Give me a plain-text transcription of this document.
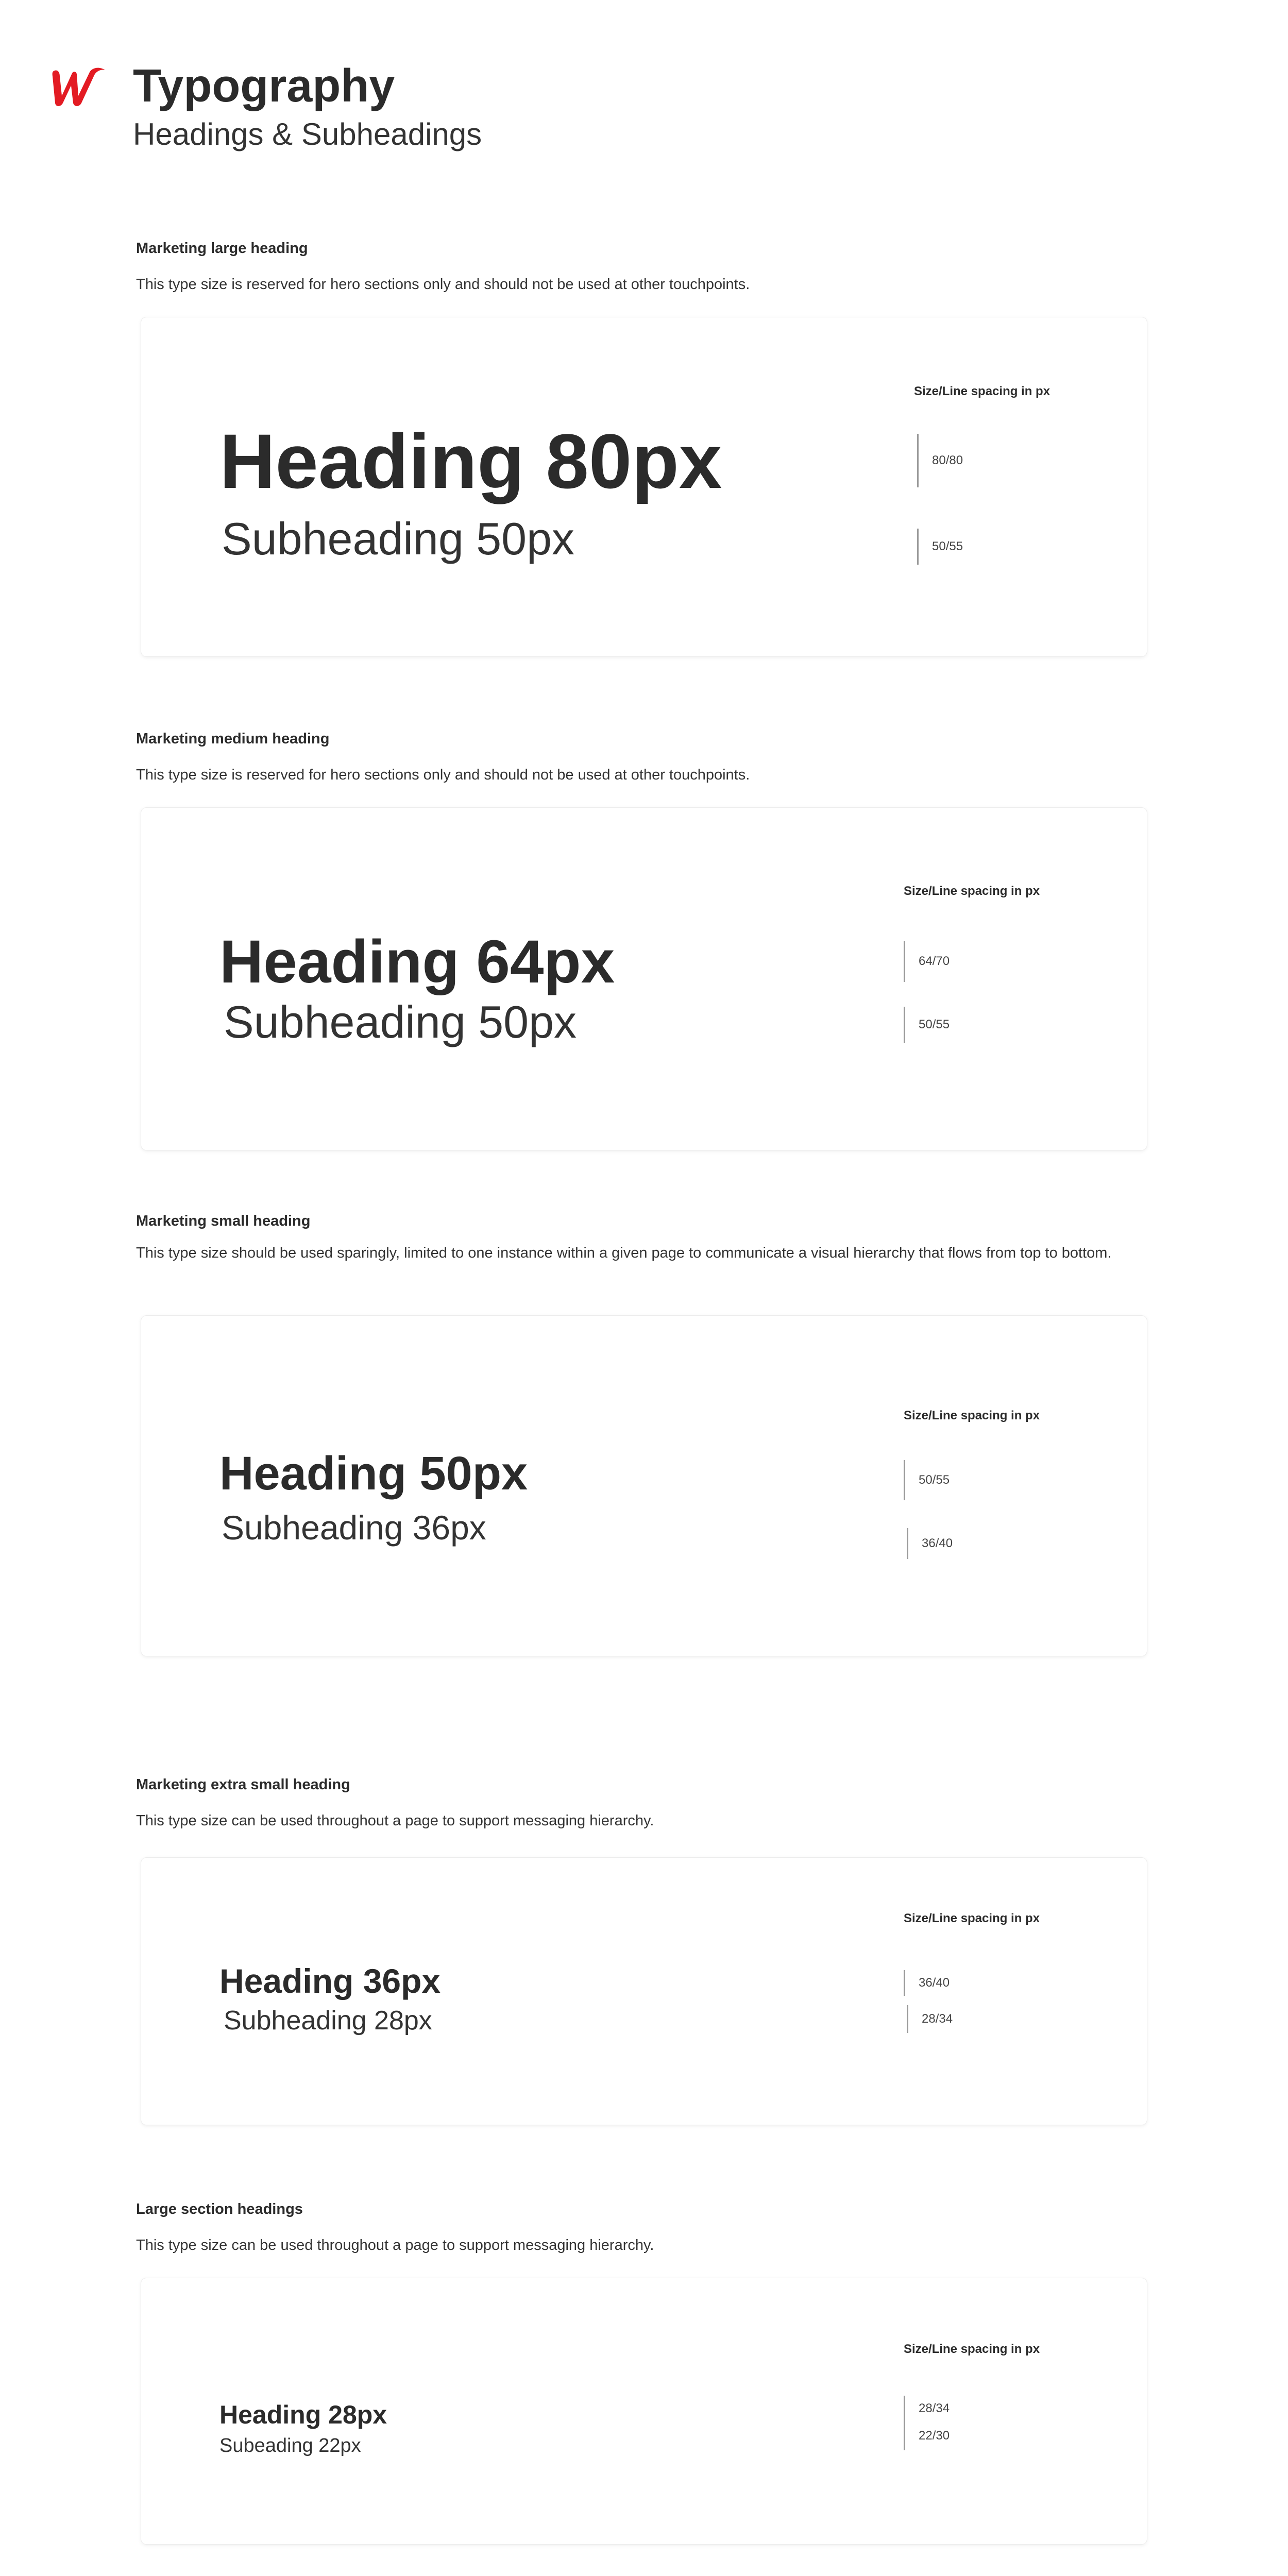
Typography
Headings & Subheadings

Marketing large heading

This type size is reserved for hero sections only and should not be used at other touchpoints.

Heading 80px

Subheading 50px

Size/Line spacing in px

80/80
50/55

Marketing medium heading

This type size is reserved for hero sections only and should not be used at other touchpoints.

Heading 64px

Subheading 50px

Size/Line spacing in px

64/70
50/55

Marketing small heading

This type size should be used sparingly, limited to one instance within a given page to communicate a visual hierarchy that flows from top to bottom.

Heading 50px

Subheading 36px

Size/Line spacing in px

50/55
36/40

Marketing extra small heading

This type size can be used throughout a page to support messaging hierarchy.

Heading 36px

Subheading 28px

Size/Line spacing in px

36/40
28/34

Large section headings

This type size can be used throughout a page to support messaging hierarchy.

Heading 28px

Subeading 22px

Size/Line spacing in px

28/34
22/30
